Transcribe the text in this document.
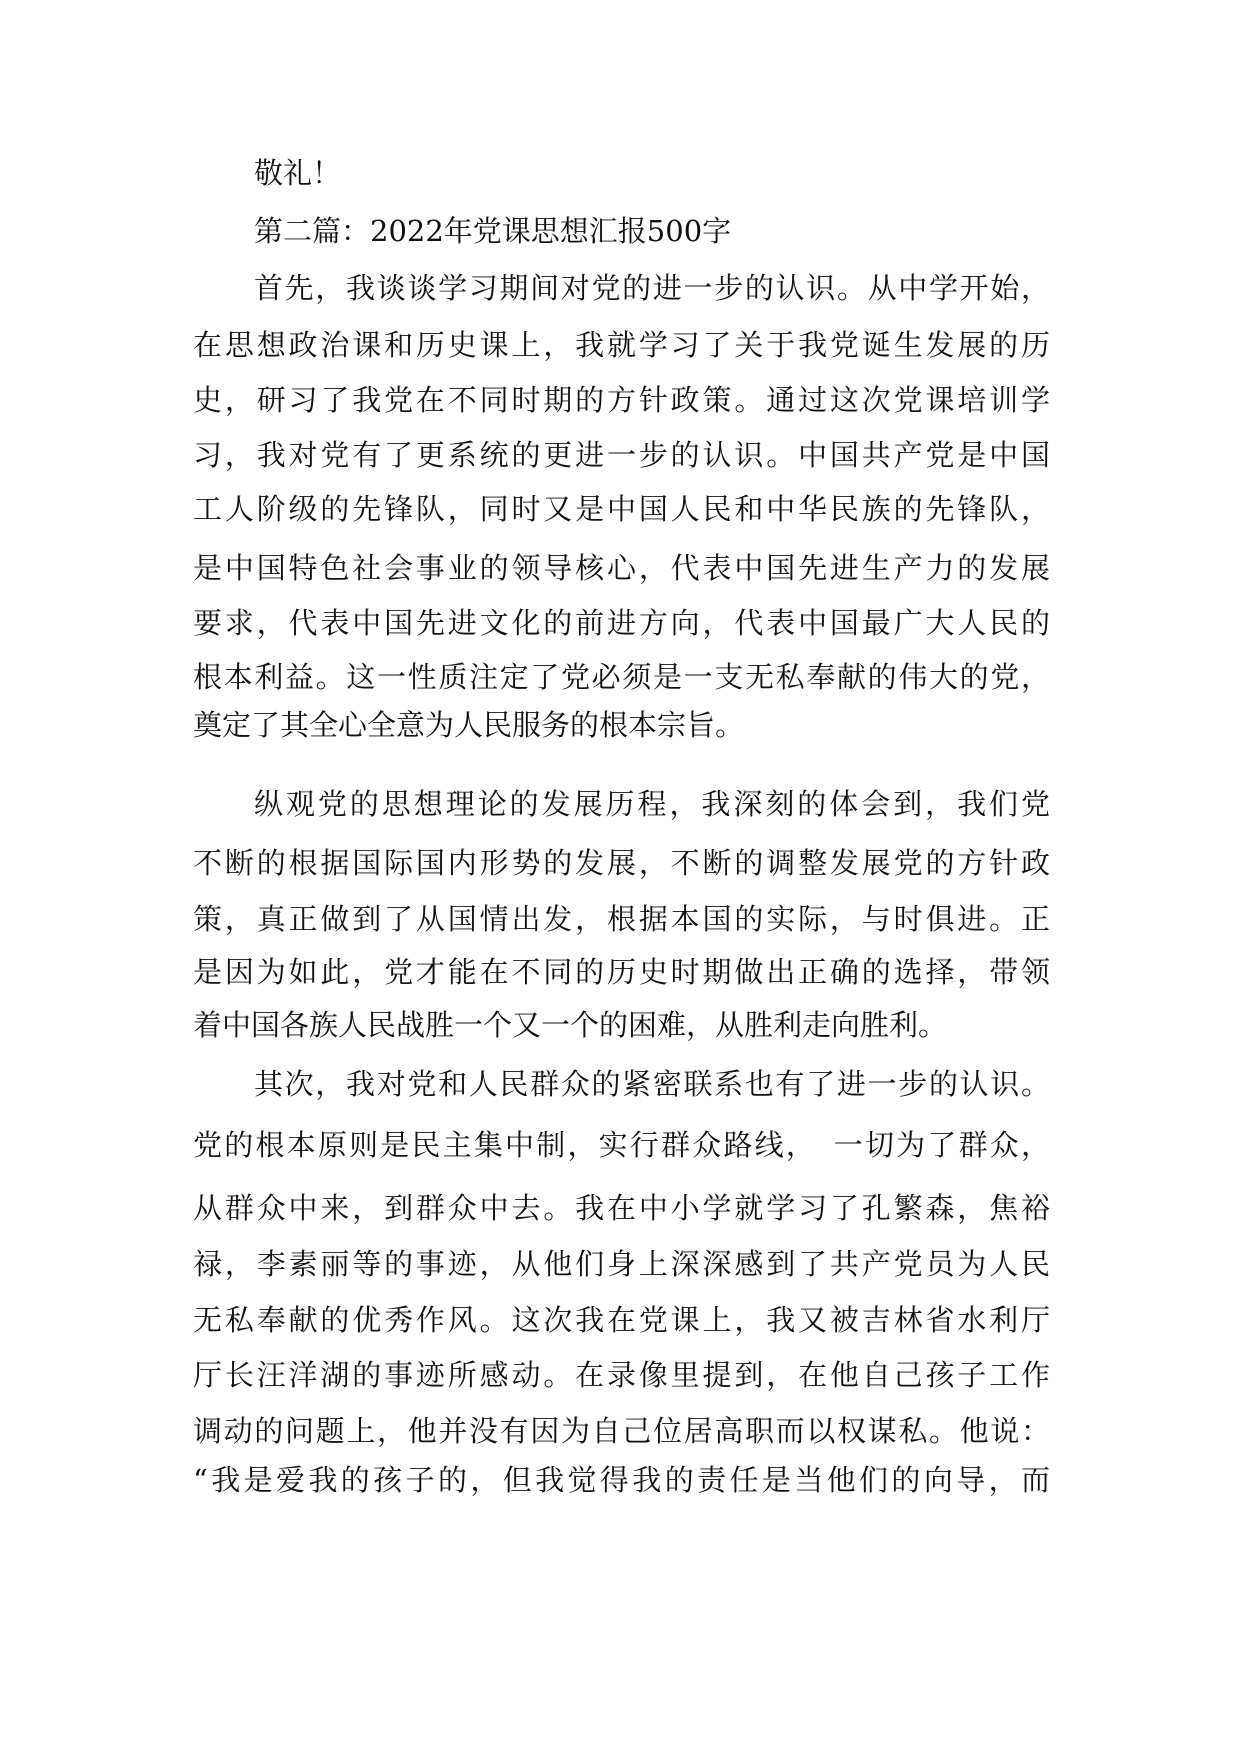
敬礼！
第二篇：2022年党课思想汇报500字
首先，我谈谈学习期间对党的进一步的认识。从中学开始，
在思想政治课和历史课上，我就学习了关于我党诞生发展的历
史，研习了我党在不同时期的方针政策。通过这次党课培训学
习，我对党有了更系统的更进一步的认识。中国共产党是中国
工人阶级的先锋队，同时又是中国人民和中华民族的先锋队，
是中国特色社会事业的领导核心，代表中国先进生产力的发展
要求，代表中国先进文化的前进方向，代表中国最广大人民的
根本利益。这一性质注定了党必须是一支无私奉献的伟大的党，
奠定了其全心全意为人民服务的根本宗旨。
纵观党的思想理论的发展历程，我深刻的体会到，我们党
不断的根据国际国内形势的发展，不断的调整发展党的方针政
策，真正做到了从国情出发，根据本国的实际，与时俱进。正
是因为如此，党才能在不同的历史时期做出正确的选择，带领
着中国各族人民战胜一个又一个的困难，从胜利走向胜利。
其次，我对党和人民群众的紧密联系也有了进一步的认识。
党的根本原则是民主集中制，实行群众路线，　一切为了群众，
从群众中来，到群众中去。我在中小学就学习了孔繁森，焦裕
禄，李素丽等的事迹，从他们身上深深感到了共产党员为人民
无私奉献的优秀作风。这次我在党课上，我又被吉林省水利厅
厅长汪洋湖的事迹所感动。在录像里提到，在他自己孩子工作
调动的问题上，他并没有因为自己位居高职而以权谋私。他说：
“我是爱我的孩子的，但我觉得我的责任是当他们的向导，而
